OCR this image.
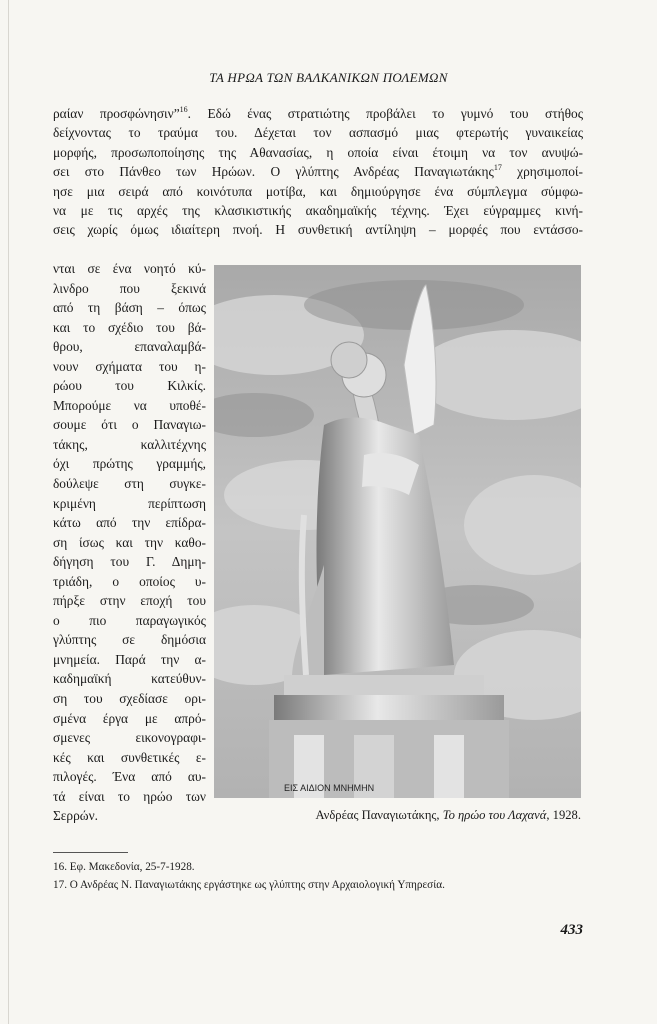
ΤΑ ΗΡΩΑ ΤΩΝ ΒΑΛΚΑΝΙΚΩΝ ΠΟΛΕΜΩΝ
ραίαν προσφώνησιν”$^{16}$. Εδώ ένας στρατιώτης προβάλει το γυμνό του στήθος
δείχνοντας το τραύμα του. Δέχεται τον ασπασμό μιας φτερωτής γυναικείας
μορφής, προσωποποίησης της Αθανασίας, η οποία είναι έτοιμη να τον ανυψώ-
σει στο Πάνθεο των Ηρώων. Ο γλύπτης Ανδρέας Παναγιωτάκης$^{17}$ χρησιμοποί-
ησε μια σειρά από κοινότυπα μοτίβα, και δημιούργησε ένα σύμπλεγμα σύμφω-
να με τις αρχές της κλασικιστικής ακαδημαϊκής τέχνης. Έχει εύγραμμες κινή-
σεις χωρίς όμως ιδιαίτερη πνοή. Η συνθετική αντίληψη – μορφές που εντάσσο-
νται σε ένα νοητό κύ-
λινδρο που ξεκινά
από τη βάση – όπως
και το σχέδιο του βά-
θρου, επαναλαμβά-
νουν σχήματα του η-
ρώου του Κιλκίς.
Μπορούμε να υποθέ-
σουμε ότι ο Παναγιω-
τάκης, καλλιτέχνης
όχι πρώτης γραμμής,
δούλεψε στη συγκε-
κριμένη περίπτωση
κάτω από την επίδρα-
ση ίσως και την καθο-
δήγηση του Γ. Δημη-
τριάδη, ο οποίος υ-
πήρξε στην εποχή του
ο πιο παραγωγικός
γλύπτης σε δημόσια
μνημεία. Παρά την α-
καδημαϊκή κατεύθυν-
ση του σχεδίασε ορι-
σμένα έργα με απρό-
σμενες εικονογραφι-
κές και συνθετικές ε-
πιλογές. Ένα από αυ-
τά είναι το ηρώο των
Σερρών.
ΕΙΣ ΑΙΔΙΟΝ ΜΝΗΜΗΝ
Ανδρέας Παναγιωτάκης, Το ηρώο του Λαχανά, 1928.
16. Εφ. Μακεδονία, 25-7-1928.
17. Ο Ανδρέας Ν. Παναγιωτάκης εργάστηκε ως γλύπτης στην Αρχαιολογική Υπηρεσία.
433
